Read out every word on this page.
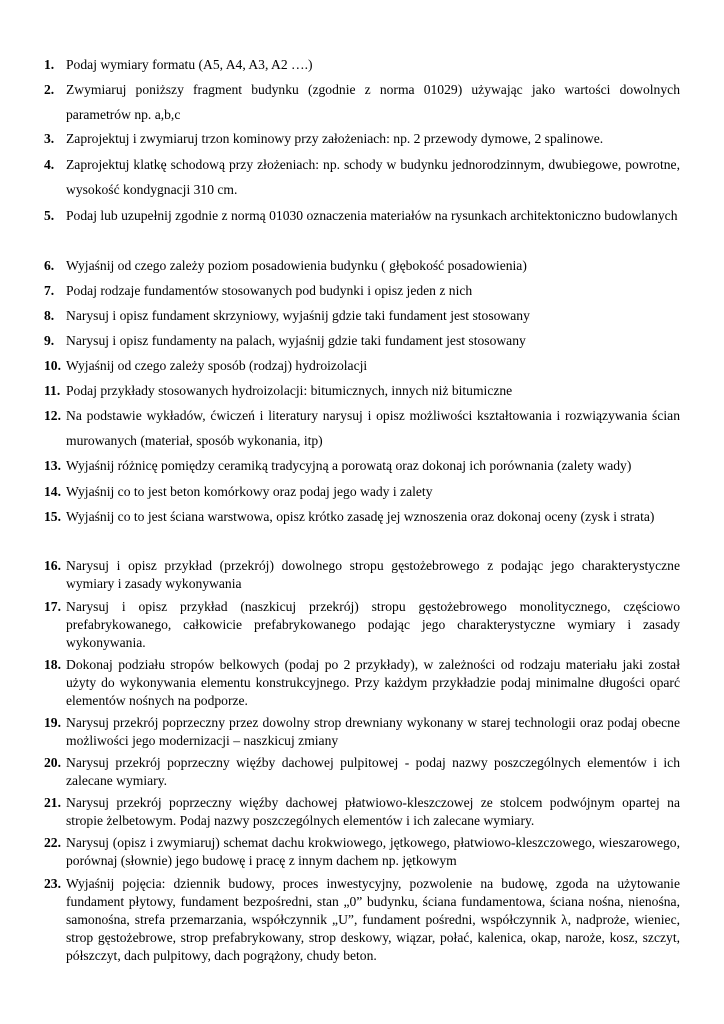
1. Podaj wymiary formatu (A5, A4, A3, A2 ….)
2. Zwymiaruj poniższy fragment budynku (zgodnie z norma 01029) używając jako wartości dowolnych parametrów np. a,b,c
3. Zaprojektuj i zwymiaruj trzon kominowy przy założeniach: np. 2 przewody dymowe, 2 spalinowe.
4. Zaprojektuj klatkę schodową przy złożeniach: np. schody w budynku jednorodzinnym, dwubiegowe, powrotne, wysokość kondygnacji 310 cm.
5. Podaj lub uzupełnij zgodnie z normą 01030 oznaczenia materiałów na rysunkach architektoniczno budowlanych
6. Wyjaśnij od czego zależy poziom posadowienia budynku ( głębokość posadowienia)
7. Podaj rodzaje fundamentów stosowanych pod budynki i opisz jeden z nich
8. Narysuj i opisz fundament skrzyniowy, wyjaśnij gdzie taki fundament jest stosowany
9. Narysuj i opisz fundamenty na palach, wyjaśnij gdzie taki fundament jest stosowany
10. Wyjaśnij od czego zależy sposób (rodzaj) hydroizolacji
11. Podaj przykłady stosowanych hydroizolacji: bitumicznych, innych niż bitumiczne
12. Na podstawie wykładów, ćwiczeń i literatury narysuj i opisz możliwości kształtowania i rozwiązywania ścian murowanych (materiał, sposób wykonania, itp)
13. Wyjaśnij różnicę pomiędzy ceramiką tradycyjną a porowatą oraz dokonaj ich porównania (zalety wady)
14. Wyjaśnij co to jest beton komórkowy oraz podaj jego wady i zalety
15. Wyjaśnij co to jest ściana warstwowa, opisz krótko zasadę jej wznoszenia oraz dokonaj oceny (zysk i strata)
16. Narysuj i opisz przykład (przekrój) dowolnego stropu gęstożebrowego z podając jego charakterystyczne wymiary i zasady wykonywania
17. Narysuj i opisz przykład (naszkicuj przekrój) stropu gęstożebrowego monolitycznego, częściowo prefabrykowanego, całkowicie prefabrykowanego podając jego charakterystyczne wymiary i zasady wykonywania.
18. Dokonaj podziału stropów belkowych (podaj po 2 przykłady), w zależności od rodzaju materiału jaki został użyty do wykonywania elementu konstrukcyjnego. Przy każdym przykładzie podaj minimalne długości oparć elementów nośnych na podporze.
19. Narysuj przekrój poprzeczny przez dowolny strop drewniany wykonany w starej technologii oraz podaj obecne możliwości jego modernizacji – naszkicuj zmiany
20. Narysuj przekrój poprzeczny więźby dachowej pulpitowej - podaj nazwy poszczególnych elementów i ich zalecane wymiary.
21. Narysuj przekrój poprzeczny więźby dachowej płatwiowo-kleszczowej ze stolcem podwójnym opartej na stropie żelbetowym. Podaj nazwy poszczególnych elementów i ich zalecane wymiary.
22. Narysuj (opisz i zwymiaruj) schemat dachu krokwiowego, jętkowego, płatwiowo-kleszczowego, wieszarowego, porównaj (słownie) jego budowę i pracę z innym dachem np. jętkowym
23. Wyjaśnij pojęcia: dziennik budowy, proces inwestycyjny, pozwolenie na budowę, zgoda na użytowanie fundament płytowy, fundament bezpośredni, stan „0” budynku, ściana fundamentowa, ściana nośna, nienośna, samonośna, strefa przemarzania, współczynnik „U”, fundament pośredni, współczynnik λ, nadproże, wieniec, strop gęstożebrowe, strop prefabrykowany, strop deskowy, wiązar, połać, kalenica, okap, naroże, kosz, szczyt, półszczyt, dach pulpitowy, dach pogrążony, chudy beton.
